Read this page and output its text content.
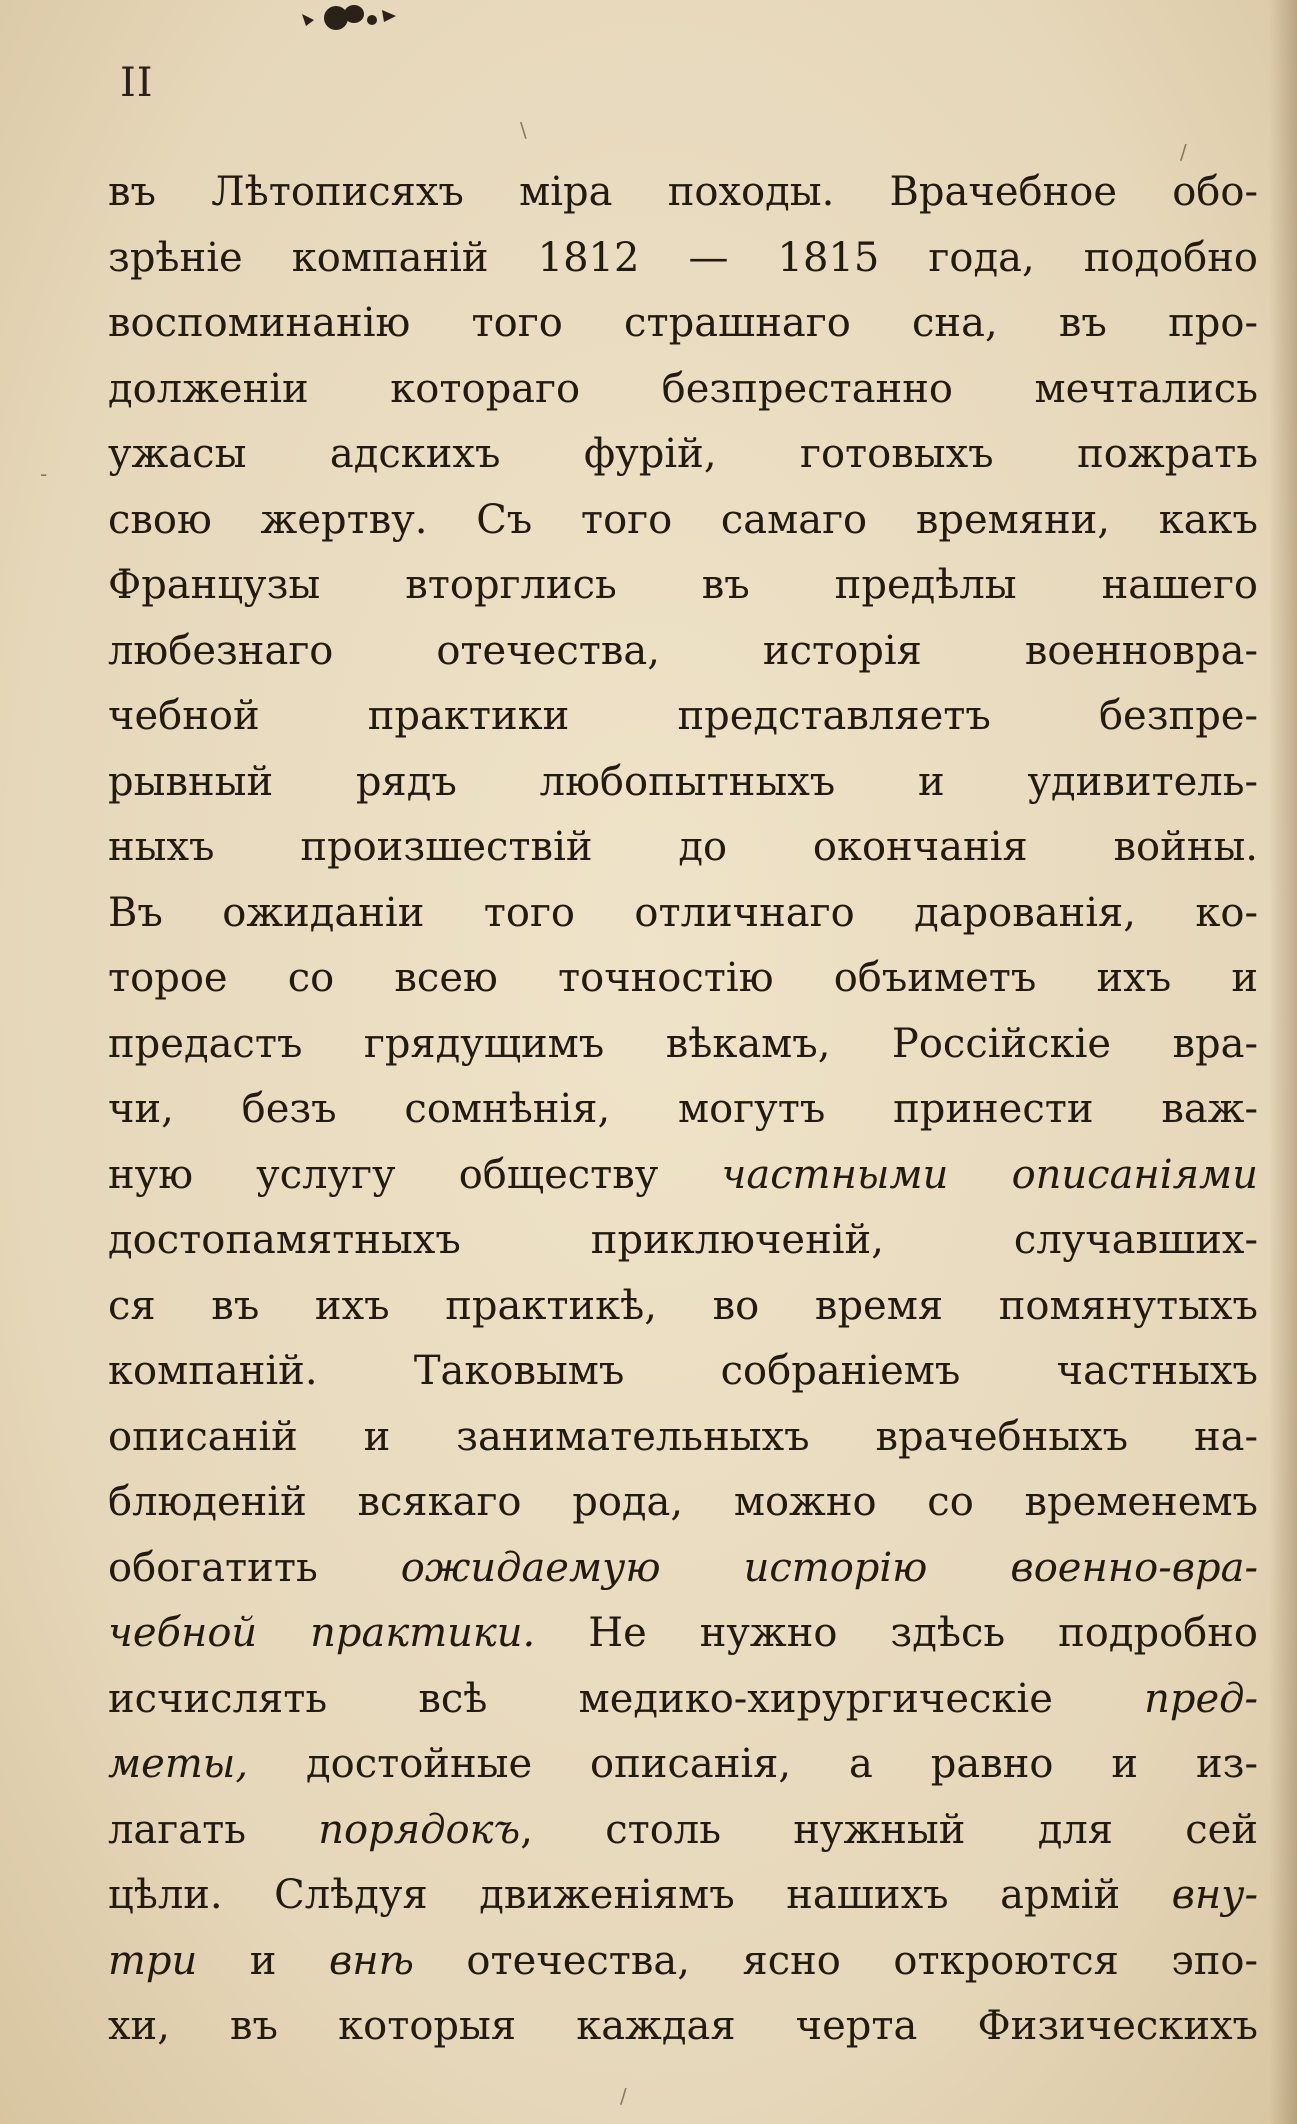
II
въ Лѣтописяхъ міра походы. Врачебное обо-
зрѣніе компаній 1812 — 1815 года, подобно
воспоминанію того страшнаго сна, въ про-
долженіи котораго безпрестанно мечтались
ужасы адскихъ фурій, готовыхъ пожрать
свою жертву. Съ того самаго времяни, какъ
Французы вторглись въ предѣлы нашего
любезнаго отечества, исторія военновра-
чебной практики представляетъ безпре-
рывный рядъ любопытныхъ и удивитель-
ныхъ произшествій до окончанія войны.
Въ ожиданіи того отличнаго дарованія, ко-
торое со всею точностію объиметъ ихъ и
предастъ грядущимъ вѣкамъ, Россійскіе вра-
чи, безъ сомнѣнія, могутъ принести важ-
ную услугу обществу частными описаніями
достопамятныхъ приключеній, случавших-
ся въ ихъ практикѣ, во время помянутыхъ
компаній. Таковымъ собраніемъ частныхъ
описаній и занимательныхъ врачебныхъ на-
блюденій всякаго рода, можно со временемъ
обогатить ожидаемую исторію военно-вра-
чебной практики. Не нужно здѣсь подробно
исчислять всѣ медико-хирургическіе пред-
меты, достойные описанія, а равно и из-
лагать порядокъ, столь нужный для сей
цѣли. Слѣдуя движеніямъ нашихъ армій вну-
три и внѣ отечества, ясно откроются эпо-
хи, въ которыя каждая черта Физическихъ
\
/
-
/
